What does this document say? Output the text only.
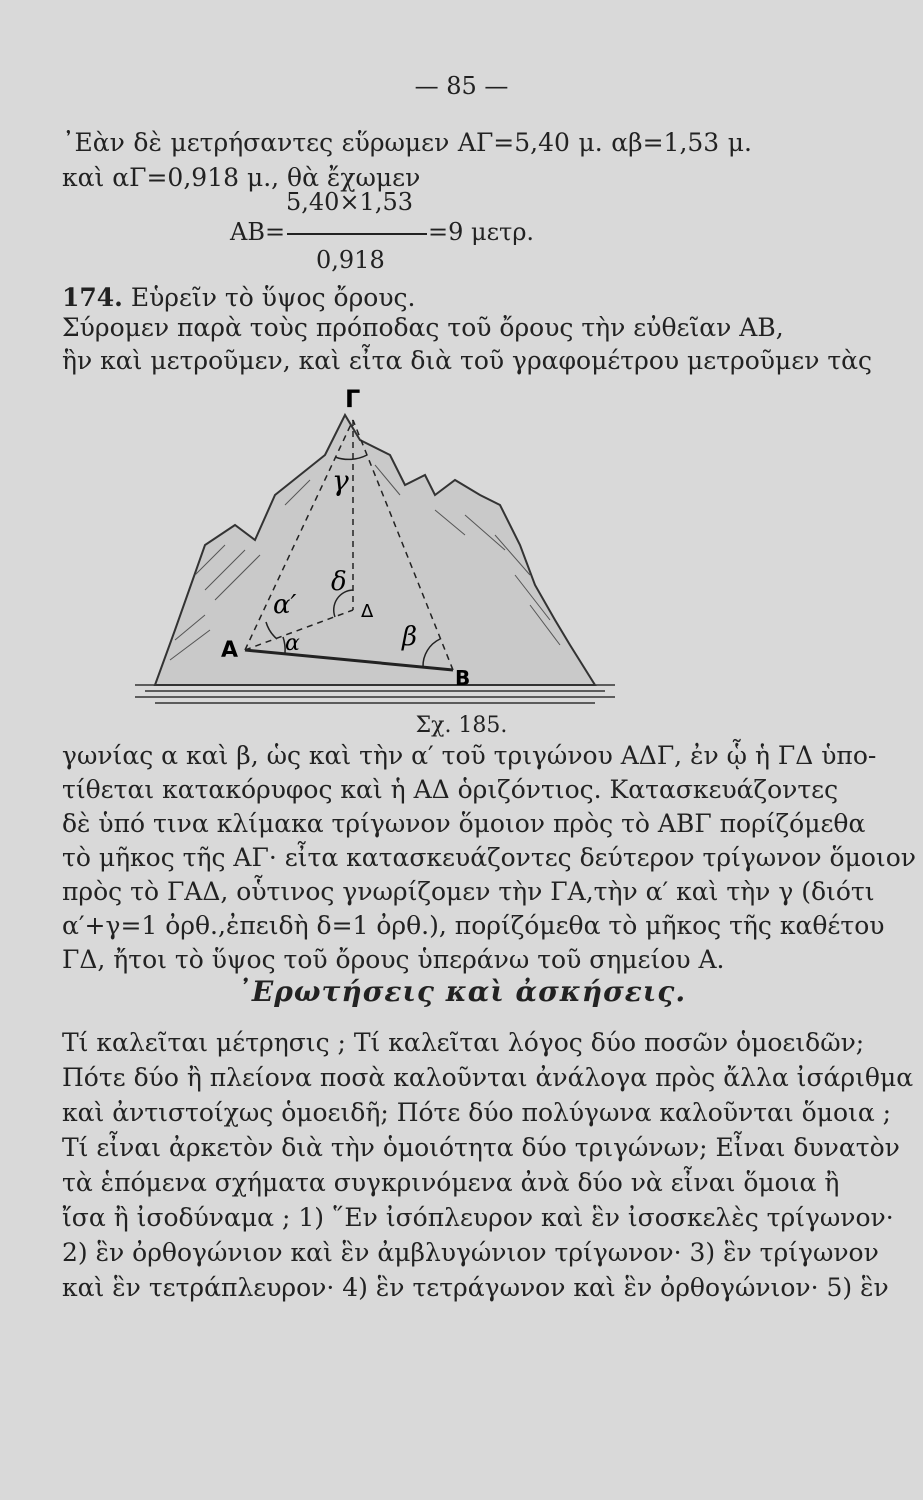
— 85 —
᾿Εὰν δὲ μετρήσαντες εὕρωμεν ΑΓ=5,40 μ. αβ=1,53 μ.
καὶ αΓ=0,918 μ., θὰ ἔχωμεν
5,40×1,53
ΑΒ=	=9 μετρ.
0,918
174. Εὑρεῖν τὸ ὕψος ὄρους.
Σύρομεν παρὰ τοὺς πρόποδας τοῦ ὄρους τὴν εὐθεῖαν ΑΒ,
ἣν καὶ μετροῦμεν, καὶ εἶτα διὰ τοῦ γραφομέτρου μετροῦμεν τὰς
Γ
Α
Β
Δ
γ
δ
α′
α	β
Σχ. 185.
γωνίας α καὶ β, ὡς καὶ τὴν α′ τοῦ τριγώνου ΑΔΓ, ἐν ᾧ ἡ ΓΔ ὑπο-
τίθεται κατακόρυφος καὶ ἡ ΑΔ ὁριζόντιος. Κατασκευάζοντες
δὲ ὑπό τινα κλίμακα τρίγωνον ὅμοιον πρὸς τὸ ΑΒΓ πορίζόμεθα
τὸ μῆκος τῆς ΑΓ· εἶτα κατασκευάζοντες δεύτερον τρίγωνον ὅμοιον
πρὸς τὸ ΓΑΔ, οὗτινος γνωρίζομεν τὴν ΓΑ,τὴν α′ καὶ τὴν γ (διότι
α′+γ=1 ὀρθ.,ἐπειδὴ δ=1 ὀρθ.), πορίζόμεθα τὸ μῆκος τῆς καθέτου
ΓΔ, ἤτοι τὸ ὕψος τοῦ ὄρους ὑπεράνω τοῦ σημείου Α.
᾿Ερωτήσεις καὶ ἀσκήσεις.
Τί καλεῖται μέτρησις ; Τί καλεῖται λόγος δύο ποσῶν ὁμοειδῶν;
Πότε δύο ἢ πλείονα ποσὰ καλοῦνται ἀνάλογα πρὸς ἄλλα ἰσάριθμα
καὶ ἀντιστοίχως ὁμοειδῆ; Πότε δύο πολύγωνα καλοῦνται ὅμοια ;
Τί εἶναι ἀρκετὸν διὰ τὴν ὁμοιότητα δύο τριγώνων; Εἶναι δυνατὸν
τὰ ἑπόμενα σχήματα συγκρινόμενα ἀνὰ δύο νὰ εἶναι ὅμοια ἢ
ἴσα ἢ ἰσοδύναμα ; 1) ῞Εν ἰσόπλευρον καὶ ἓν ἰσοσκελὲς τρίγωνον·
2) ἓν ὀρθογώνιον καὶ ἓν ἀμβλυγώνιον τρίγωνον· 3) ἓν τρίγωνον
καὶ ἓν τετράπλευρον· 4) ἓν τετράγωνον καὶ ἓν ὀρθογώνιον· 5) ἓν
